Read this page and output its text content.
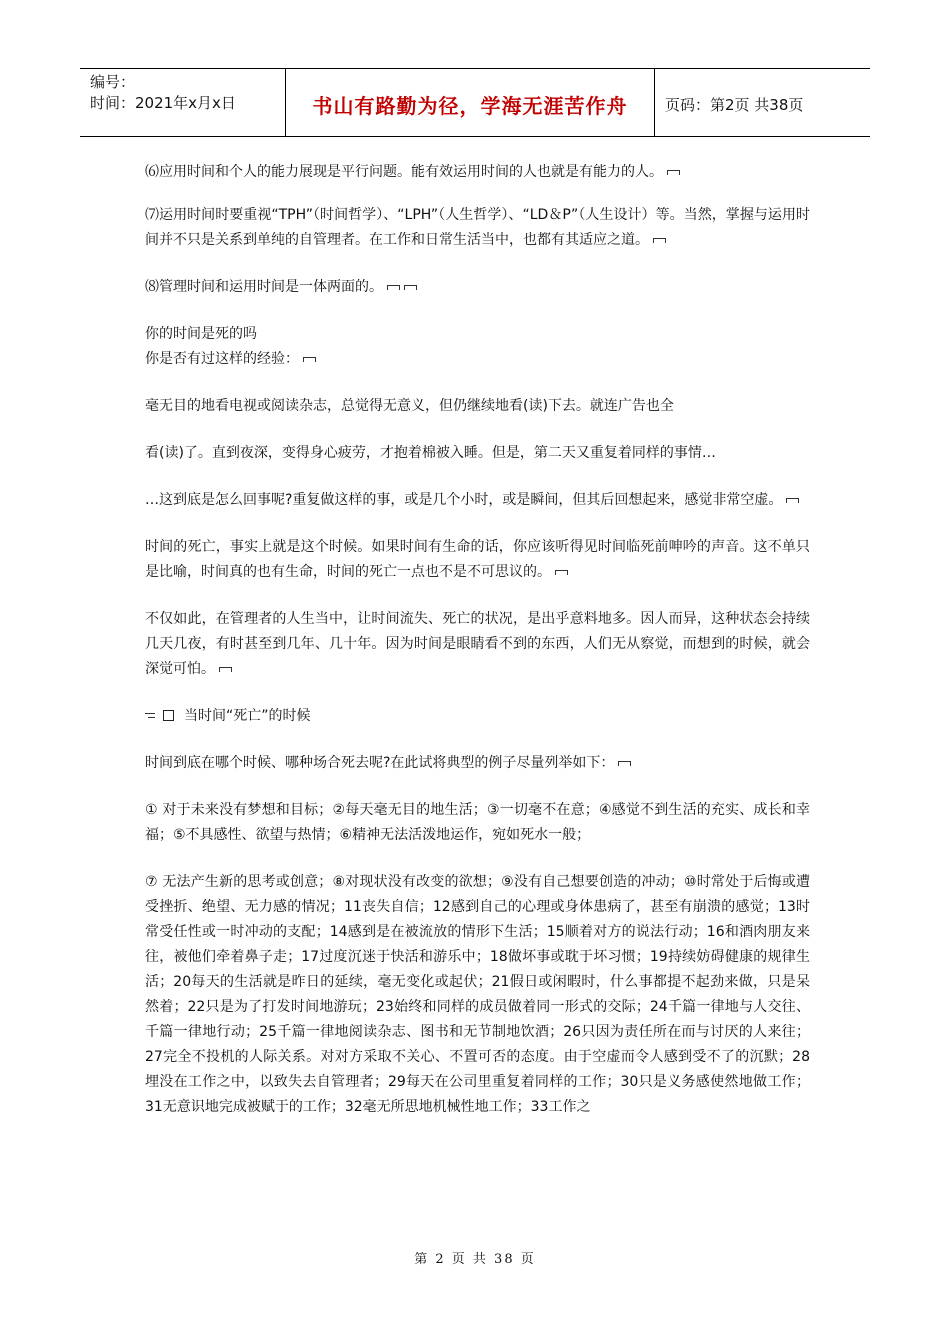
编号：
时间：2021年x月x日	书山有路勤为径，学海无涯苦作舟	页码：第2页 共38页

⑹应用时间和个人的能力展现是平行问题。能有效运用时间的人也就是有能力的人。

⑺运用时间时要重视“TPH”（时间哲学）、“LPH”（人生哲学）、“LD＆P”（人生设计）等。当然，掌握与运用时间并不只是关系到单纯的自管理者。在工作和日常生活当中，也都有其适应之道。

⑻管理时间和运用时间是一体两面的。

你的时间是死的吗

你是否有过这样的经验：

毫无目的地看电视或阅读杂志，总觉得无意义，但仍继续地看(读)下去。就连广告也全

看(读)了。直到夜深，变得身心疲劳，才抱着棉被入睡。但是，第二天又重复着同样的事情…

…这到底是怎么回事呢?重复做这样的事，或是几个小时，或是瞬间，但其后回想起来，感觉非常空虚。

时间的死亡，事实上就是这个时候。如果时间有生命的话，你应该听得见时间临死前呻吟的声音。这不单只是比喻，时间真的也有生命，时间的死亡一点也不是不可思议的。

不仅如此，在管理者的人生当中，让时间流失、死亡的状况，是出乎意料地多。因人而异，这种状态会持续几天几夜，有时甚至到几年、几十年。因为时间是眼睛看不到的东西，人们无从察觉，而想到的时候，就会深觉可怕。

当时间“死亡”的时候

时间到底在哪个时候、哪种场合死去呢?在此试将典型的例子尽量列举如下：

① 对于未来没有梦想和目标；②每天毫无目的地生活；③一切毫不在意；④感觉不到生活的充实、成长和幸福；⑤不具感性、欲望与热情；⑥精神无法活泼地运作，宛如死水一般；

⑦ 无法产生新的思考或创意；⑧对现状没有改变的欲想；⑨没有自己想要创造的冲动；⑩时常处于后悔或遭受挫折、绝望、无力感的情况；11丧失自信；12感到自己的心理或身体患病了，甚至有崩溃的感觉；13时常受任性或一时冲动的支配；14感到是在被流放的情形下生活；15顺着对方的说法行动；16和酒肉朋友来往，被他们牵着鼻子走；17过度沉迷于快活和游乐中；18做坏事或耽于坏习惯；19持续妨碍健康的规律生活；20每天的生活就是昨日的延续，毫无变化或起伏；21假日或闲暇时，什么事都提不起劲来做，只是呆然着；22只是为了打发时间地游玩；23始终和同样的成员做着同一形式的交际；24千篇一律地与人交往、千篇一律地行动；25千篇一律地阅读杂志、图书和无节制地饮酒；26只因为责任所在而与讨厌的人来往；27完全不投机的人际关系。对对方采取不关心、不置可否的态度。由于空虚而令人感到受不了的沉默；28埋没在工作之中，以致失去自管理者；29每天在公司里重复着同样的工作；30只是义务感使然地做工作；31无意识地完成被赋于的工作；32毫无所思地机械性地工作；33工作之

第 2 页 共 38 页
